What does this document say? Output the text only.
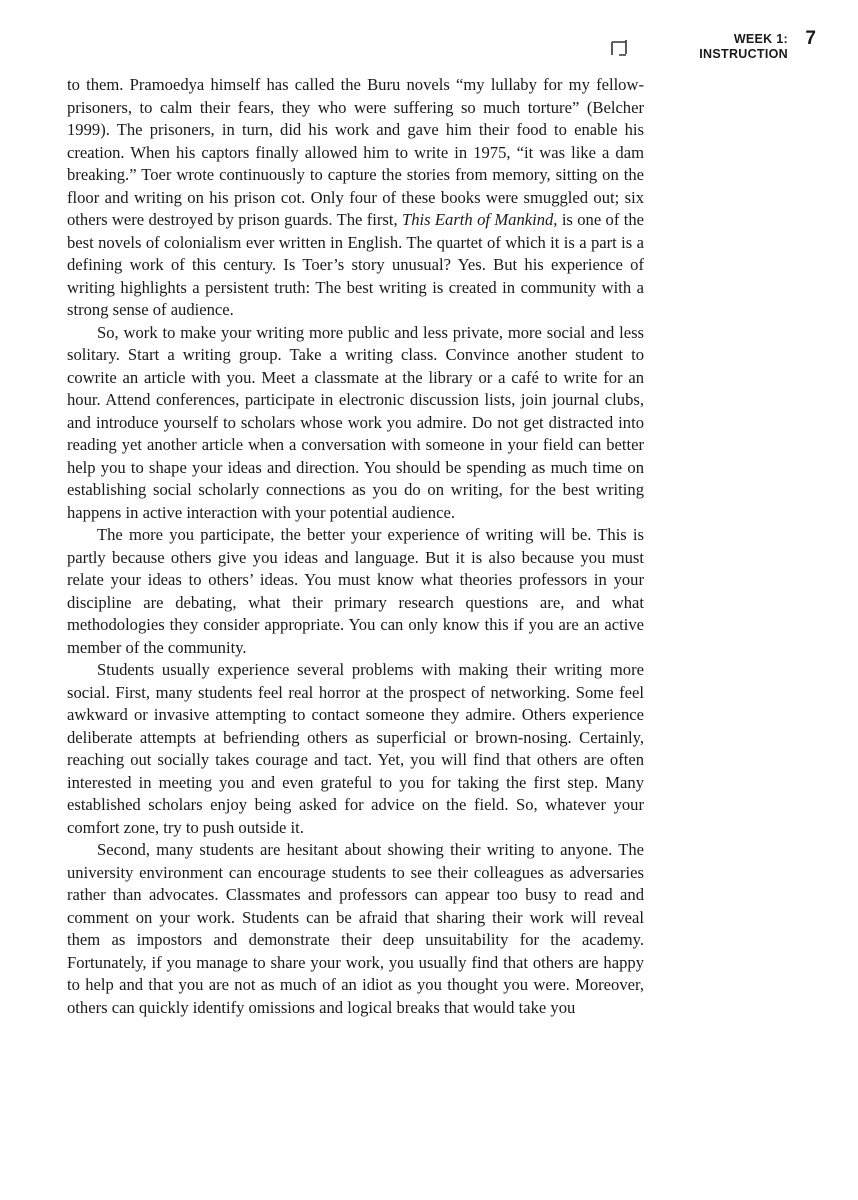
WEEK 1:
INSTRUCTION
7

to them. Pramoedya himself has called the Buru novels “my lullaby for my fellow-prisoners, to calm their fears, they who were suffering so much torture” (Belcher 1999). The prisoners, in turn, did his work and gave him their food to enable his creation. When his captors finally allowed him to write in 1975, “it was like a dam breaking.” Toer wrote continuously to capture the stories from memory, sitting on the floor and writing on his prison cot. Only four of these books were smuggled out; six others were destroyed by prison guards. The first, This Earth of Mankind, is one of the best novels of colonialism ever written in English. The quartet of which it is a part is a defining work of this century. Is Toer’s story unusual? Yes. But his experience of writing highlights a persistent truth: The best writing is created in community with a strong sense of audience.

So, work to make your writing more public and less private, more social and less solitary. Start a writing group. Take a writing class. Convince another student to cowrite an article with you. Meet a classmate at the library or a café to write for an hour. Attend conferences, participate in electronic discussion lists, join journal clubs, and introduce yourself to scholars whose work you admire. Do not get distracted into reading yet another article when a conversation with someone in your field can better help you to shape your ideas and direction. You should be spending as much time on establishing social scholarly connections as you do on writing, for the best writing happens in active interaction with your potential audience.

The more you participate, the better your experience of writing will be. This is partly because others give you ideas and language. But it is also because you must relate your ideas to others’ ideas. You must know what theories professors in your discipline are debating, what their primary research questions are, and what methodologies they consider appropriate. You can only know this if you are an active member of the community.

Students usually experience several problems with making their writing more social. First, many students feel real horror at the prospect of networking. Some feel awkward or invasive attempting to contact someone they admire. Others experience deliberate attempts at befriending others as superficial or brown-nosing. Certainly, reaching out socially takes courage and tact. Yet, you will find that others are often interested in meeting you and even grateful to you for taking the first step. Many established scholars enjoy being asked for advice on the field. So, whatever your comfort zone, try to push outside it.

Second, many students are hesitant about showing their writing to anyone. The university environment can encourage students to see their colleagues as adversaries rather than advocates. Classmates and professors can appear too busy to read and comment on your work. Students can be afraid that sharing their work will reveal them as impostors and demonstrate their deep unsuitability for the academy. Fortunately, if you manage to share your work, you usually find that others are happy to help and that you are not as much of an idiot as you thought you were. Moreover, others can quickly identify omissions and logical breaks that would take you
